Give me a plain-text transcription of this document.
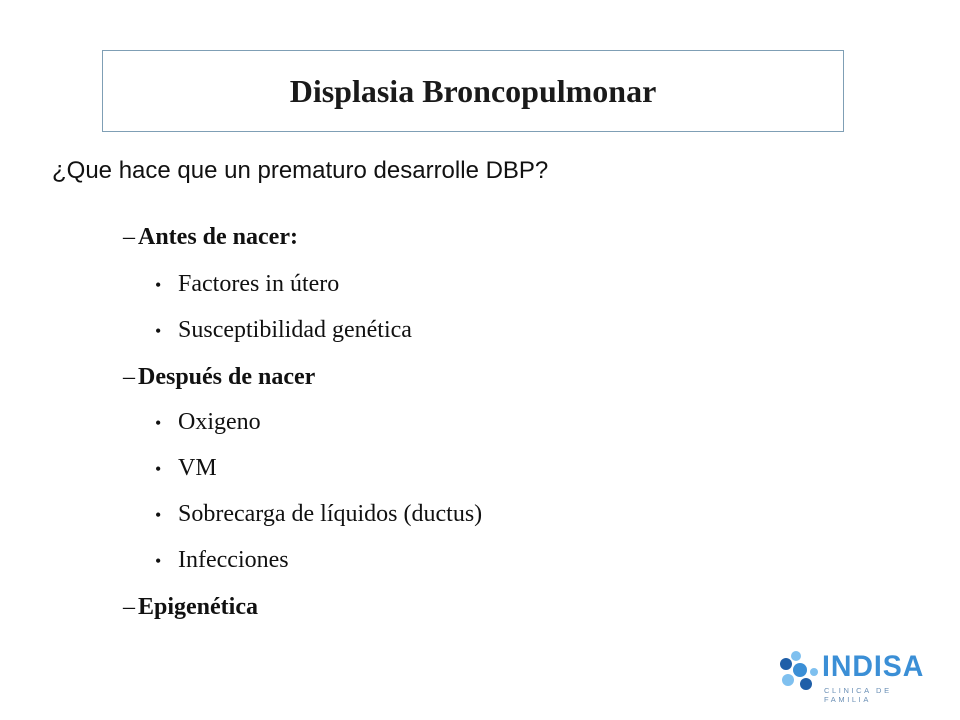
Displasia Broncopulmonar
¿Que hace que un prematuro desarrolle DBP?
– Antes de nacer:
• Factores in útero
• Susceptibilidad genética
– Después de nacer
• Oxigeno
• VM
• Sobrecarga de líquidos (ductus)
• Infecciones
– Epigenética
INDISA
CLINICA DE FAMILIA
